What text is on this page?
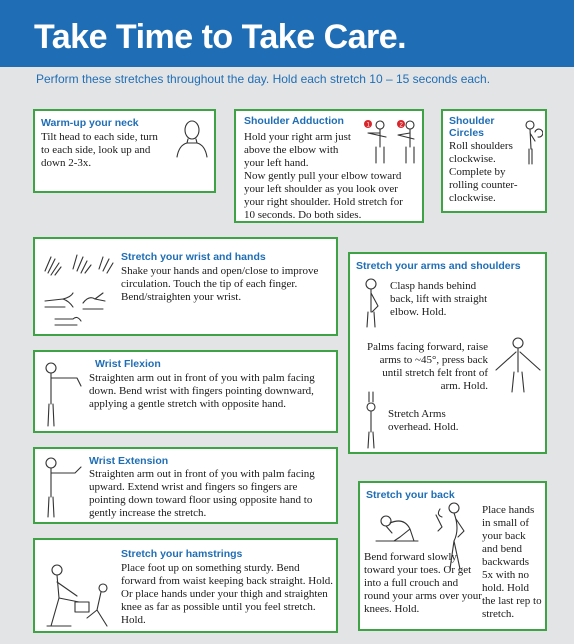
Take Time to Take Care.
Perform these stretches throughout the day. Hold each stretch 10 – 15 seconds each.
Warm-up your neck
Tilt head to each side, turn to each side, look up and down 2-3x.
Shoulder Adduction
Hold your right arm just above the elbow with your left hand.
Now gently pull your elbow toward your left shoulder as you look over your right shoulder. Hold stretch for 10 seconds. Do both sides.
1	2	Shoulder Circles
Roll shoulders clockwise. Complete by rolling counter-clockwise.
Stretch your wrist and hands
Shake your hands and open/close to improve circulation. Touch the tip of each finger. Bend/straighten your wrist.
Stretch your arms and shoulders
Clasp hands behind back, lift with straight elbow. Hold.
Palms facing forward, raise arms to ~45°, press back until stretch felt front of arm. Hold.
Stretch Arms overhead. Hold.
Wrist Flexion
Straighten arm out in front of you with palm facing down. Bend wrist with fingers pointing downward, applying a gentle stretch with opposite hand.
Wrist Extension
Straighten arm out in front of you with palm facing upward. Extend wrist and fingers so fingers are pointing down toward floor using opposite hand to gently increase the stretch.
Stretch your back
Place hands in small of your back and bend backwards 5x with no hold. Hold the last rep to stretch.
Bend forward slowly toward your toes. Or get into a full crouch and round your arms over your knees. Hold.
Stretch your hamstrings
Place foot up on something sturdy. Bend forward from waist keeping back straight. Hold. Or place hands under your thigh and straighten knee as far as possible until you feel stretch. Hold.
